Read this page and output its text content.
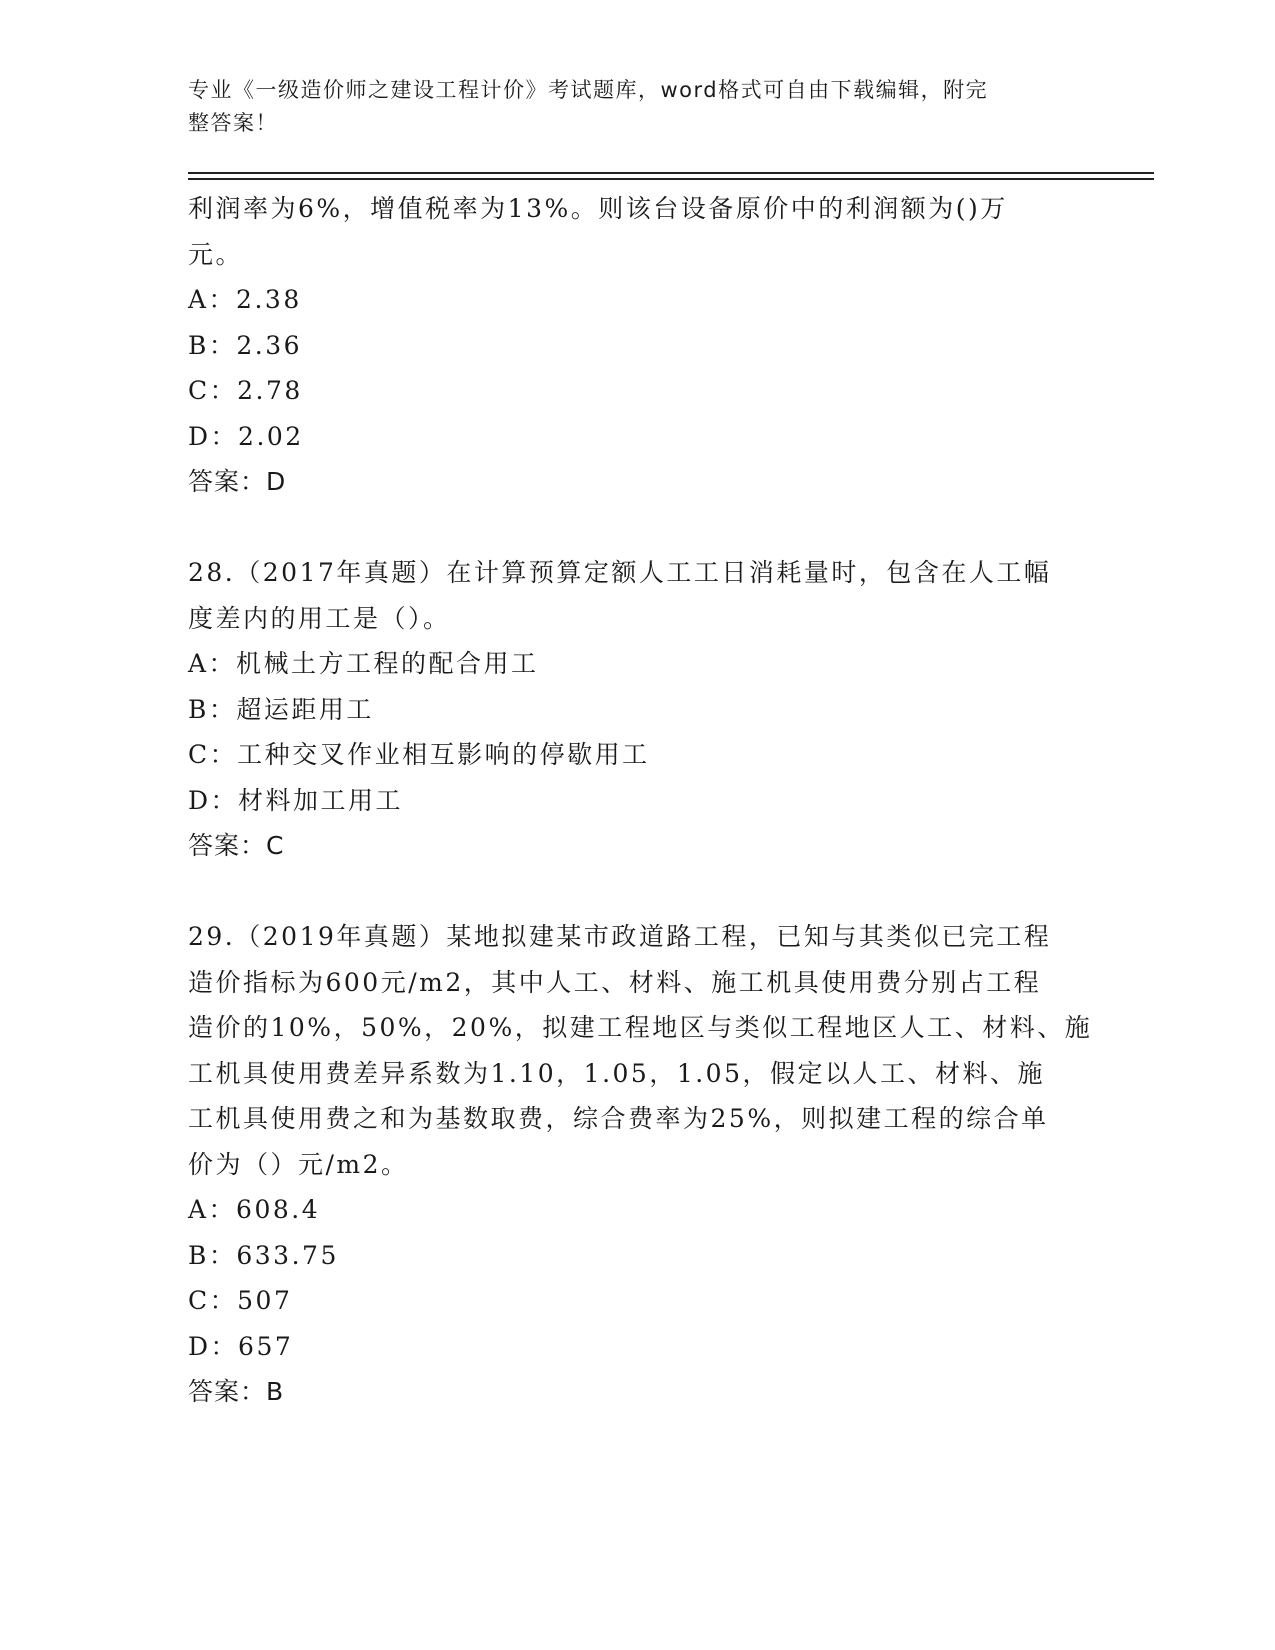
专业《一级造价师之建设工程计价》考试题库，word格式可自由下载编辑，附完
整答案！
利润率为6%，增值税率为13%。则该台设备原价中的利润额为()万
元。
A：2.38
B：2.36
C：2.78
D：2.02
答案：D
28.（2017年真题）在计算预算定额人工工日消耗量时，包含在人工幅
度差内的用工是（）。
A：机械土方工程的配合用工
B：超运距用工
C：工种交叉作业相互影响的停歇用工
D：材料加工用工
答案：C
29.（2019年真题）某地拟建某市政道路工程，已知与其类似已完工程
造价指标为600元/m2，其中人工、材料、施工机具使用费分别占工程
造价的10%，50%，20%，拟建工程地区与类似工程地区人工、材料、施
工机具使用费差异系数为1.10，1.05，1.05，假定以人工、材料、施
工机具使用费之和为基数取费，综合费率为25%，则拟建工程的综合单
价为（）元/m2。
A：608.4
B：633.75
C：507
D：657
答案：B
